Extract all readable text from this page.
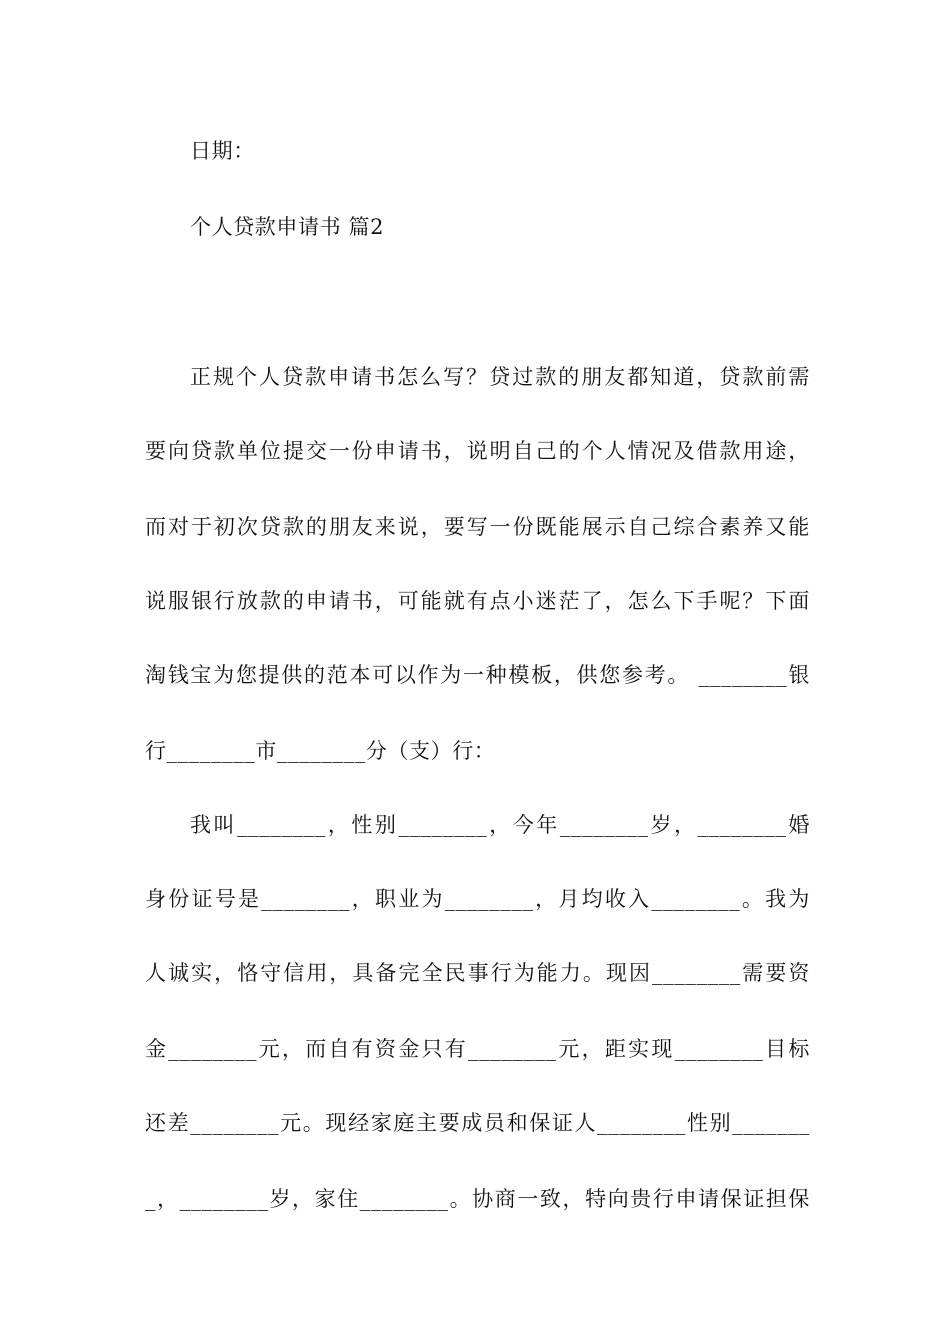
日期：
个人贷款申请书 篇2
正规个人贷款申请书怎么写？贷过款的朋友都知道，贷款前需
要向贷款单位提交一份申请书，说明自己的个人情况及借款用途，
而对于初次贷款的朋友来说，要写一份既能展示自己综合素养又能
说服银行放款的申请书，可能就有点小迷茫了，怎么下手呢？下面
淘钱宝为您提供的范本可以作为一种模板，供您参考。 ________银
行________市________分（支）行：
我叫________，性别________，今年________岁，________婚
身份证号是________，职业为________，月均收入________。我为
人诚实，恪守信用，具备完全民事行为能力。现因________需要资
金________元，而自有资金只有________元，距实现________目标
还差________元。现经家庭主要成员和保证人________性别_______
_，________岁，家住________。协商一致，特向贵行申请保证担保
